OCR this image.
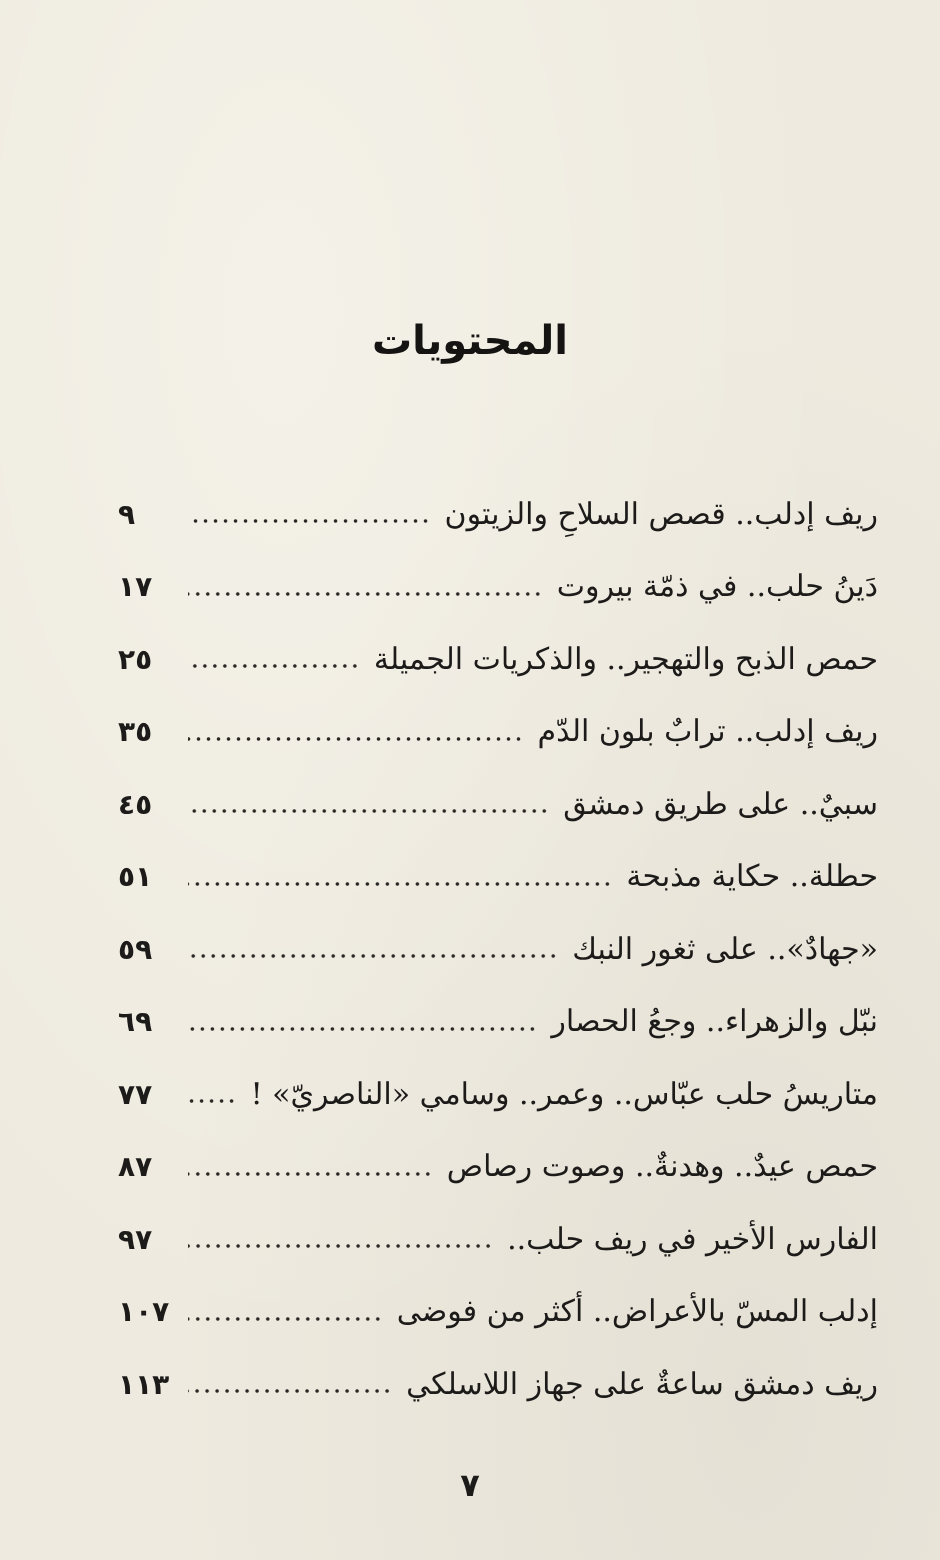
المحتويات
ريف إدلب.. قصص السلاحِ والزيتون
٩
دَينُ حلب.. في ذمّة بيروت
١٧
حمص الذبح والتهجير.. والذكريات الجميلة
٢٥
ريف إدلب.. ترابٌ بلون الدّم
٣٥
سبيٌ.. على طريق دمشق
٤٥
حطلة.. حكاية مذبحة
٥١
«جهادٌ».. على ثغور النبك
٥٩
نبّل والزهراء.. وجعُ الحصار
٦٩
متاريسُ حلب عبّاس.. وعمر.. وسامي «الناصريّ» !
٧٧
حمص عيدٌ.. وهدنةٌ.. وصوت رصاص
٨٧
الفارس الأخير في ريف حلب..
٩٧
إدلب المسّ بالأعراض.. أكثر من فوضى
١٠٧
ريف دمشق ساعةٌ على جهاز اللاسلكي
١١٣
٧
